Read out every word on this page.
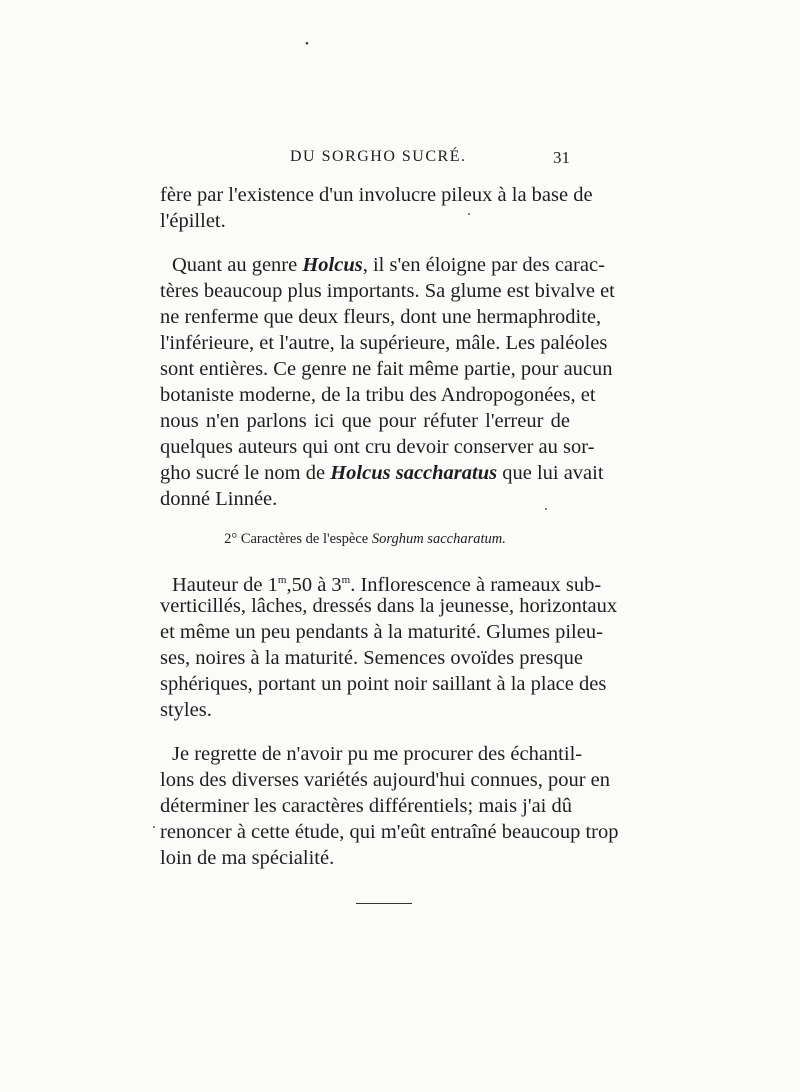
•
DU SORGHO SUCRÉ.	31
fère par l'existence d'un involucre pileux à la base de
l'épillet.
Quant au genre Holcus, il s'en éloigne par des carac-
tères beaucoup plus importants. Sa glume est bivalve et
ne renferme que deux fleurs, dont une hermaphrodite,
l'inférieure, et l'autre, la supérieure, mâle. Les paléoles
sont entières. Ce genre ne fait même partie, pour aucun
botaniste moderne, de la tribu des Andropogonées, et
nous n'en parlons ici que pour réfuter l'erreur de
quelques auteurs qui ont cru devoir conserver au sor-
gho sucré le nom de Holcus saccharatus que lui avait
donné Linnée.
2° Caractères de l'espèce Sorghum saccharatum.
Hauteur de 1$^m$,50 à 3$^m$. Inflorescence à rameaux sub-
verticillés, lâches, dressés dans la jeunesse, horizontaux
et même un peu pendants à la maturité. Glumes pileu-
ses, noires à la maturité. Semences ovoïdes presque
sphériques, portant un point noir saillant à la place des
styles.
Je regrette de n'avoir pu me procurer des échantil-
lons des diverses variétés aujourd'hui connues, pour en
déterminer les caractères différentiels; mais j'ai dû
renoncer à cette étude, qui m'eût entraîné beaucoup trop
loin de ma spécialité.
